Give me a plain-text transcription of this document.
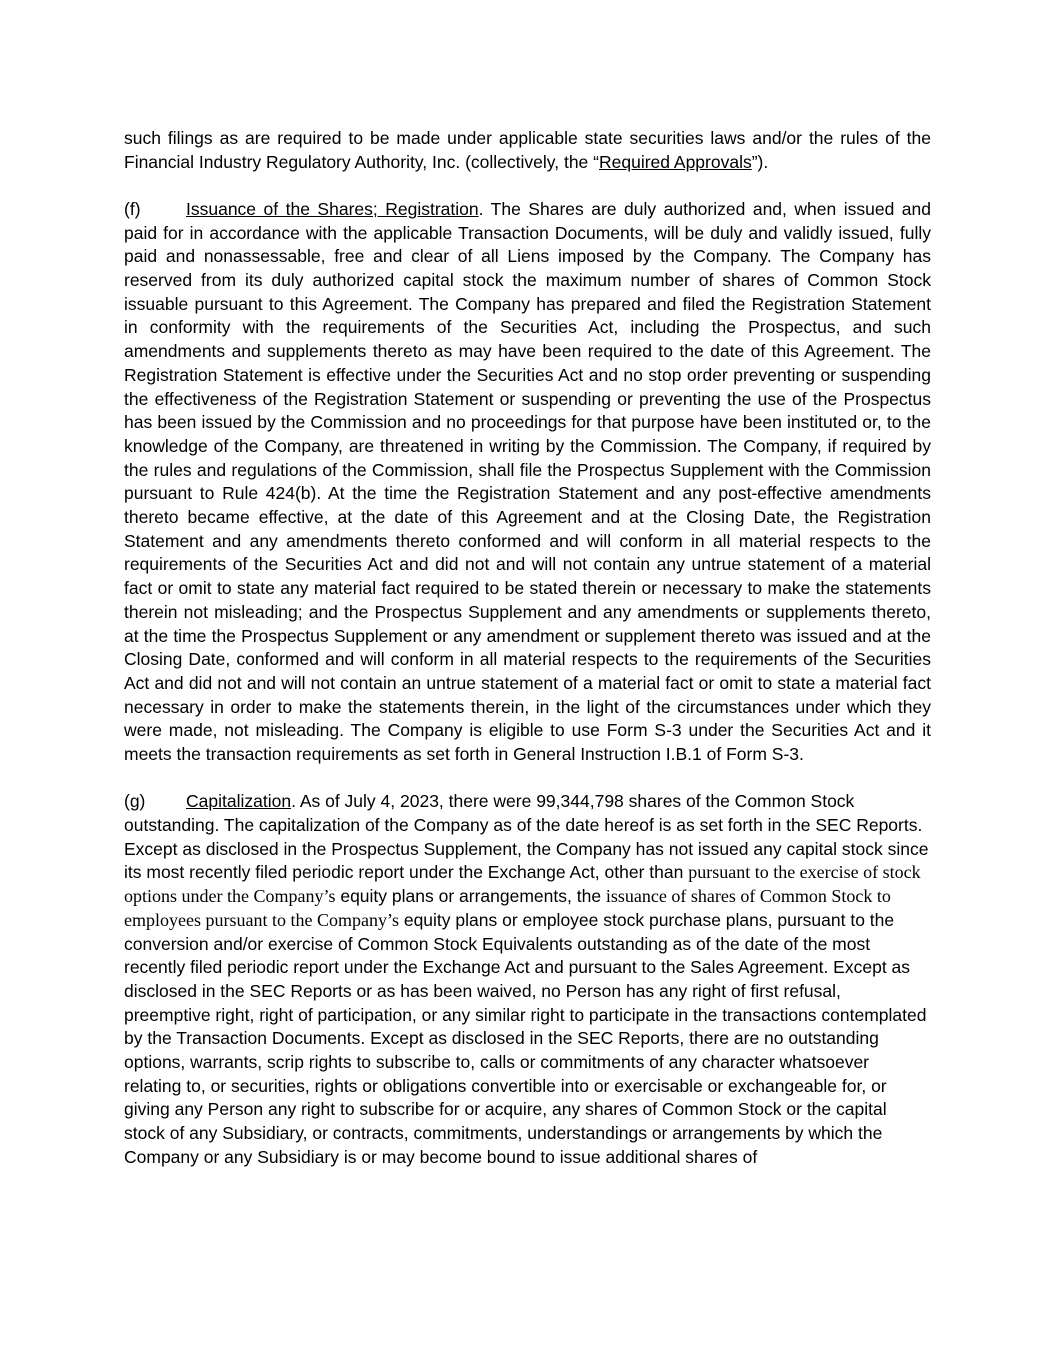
such filings as are required to be made under applicable state securities laws and/or the rules of the Financial Industry Regulatory Authority, Inc. (collectively, the “Required Approvals”).

(f)	Issuance of the Shares; Registration. The Shares are duly authorized and, when issued and paid for in accordance with the applicable Transaction Documents, will be duly and validly issued, fully paid and nonassessable, free and clear of all Liens imposed by the Company. The Company has reserved from its duly authorized capital stock the maximum number of shares of Common Stock issuable pursuant to this Agreement. The Company has prepared and filed the Registration Statement in conformity with the requirements of the Securities Act, including the Prospectus, and such amendments and supplements thereto as may have been required to the date of this Agreement. The Registration Statement is effective under the Securities Act and no stop order preventing or suspending the effectiveness of the Registration Statement or suspending or preventing the use of the Prospectus has been issued by the Commission and no proceedings for that purpose have been instituted or, to the knowledge of the Company, are threatened in writing by the Commission. The Company, if required by the rules and regulations of the Commission, shall file the Prospectus Supplement with the Commission pursuant to Rule 424(b). At the time the Registration Statement and any post-effective amendments thereto became effective, at the date of this Agreement and at the Closing Date, the Registration Statement and any amendments thereto conformed and will conform in all material respects to the requirements of the Securities Act and did not and will not contain any untrue statement of a material fact or omit to state any material fact required to be stated therein or necessary to make the statements therein not misleading; and the Prospectus Supplement and any amendments or supplements thereto, at the time the Prospectus Supplement or any amendment or supplement thereto was issued and at the Closing Date, conformed and will conform in all material respects to the requirements of the Securities Act and did not and will not contain an untrue statement of a material fact or omit to state a material fact necessary in order to make the statements therein, in the light of the circumstances under which they were made, not misleading. The Company is eligible to use Form S-3 under the Securities Act and it meets the transaction requirements as set forth in General Instruction I.B.1 of Form S-3.

(g) Capitalization. As of July 4, 2023, there were 99,344,798 shares of the Common Stock outstanding. The capitalization of the Company as of the date hereof is as set forth in the SEC Reports. Except as disclosed in the Prospectus Supplement, the Company has not issued any capital stock since its most recently filed periodic report under the Exchange Act, other than pursuant to the exercise of stock options under the Company’s equity plans or arrangements, the issuance of shares of Common Stock to employees pursuant to the Company’s equity plans or employee stock purchase plans, pursuant to the conversion and/or exercise of Common Stock Equivalents outstanding as of the date of the most recently filed periodic report under the Exchange Act and pursuant to the Sales Agreement. Except as disclosed in the SEC Reports or as has been waived, no Person has any right of first refusal, preemptive right, right of participation, or any similar right to participate in the transactions contemplated by the Transaction Documents. Except as disclosed in the SEC Reports, there are no outstanding options, warrants, scrip rights to subscribe to, calls or commitments of any character whatsoever relating to, or securities, rights or obligations convertible into or exercisable or exchangeable for, or giving any Person any right to subscribe for or acquire, any shares of Common Stock or the capital stock of any Subsidiary, or contracts, commitments, understandings or arrangements by which the Company or any Subsidiary is or may become bound to issue additional shares of
